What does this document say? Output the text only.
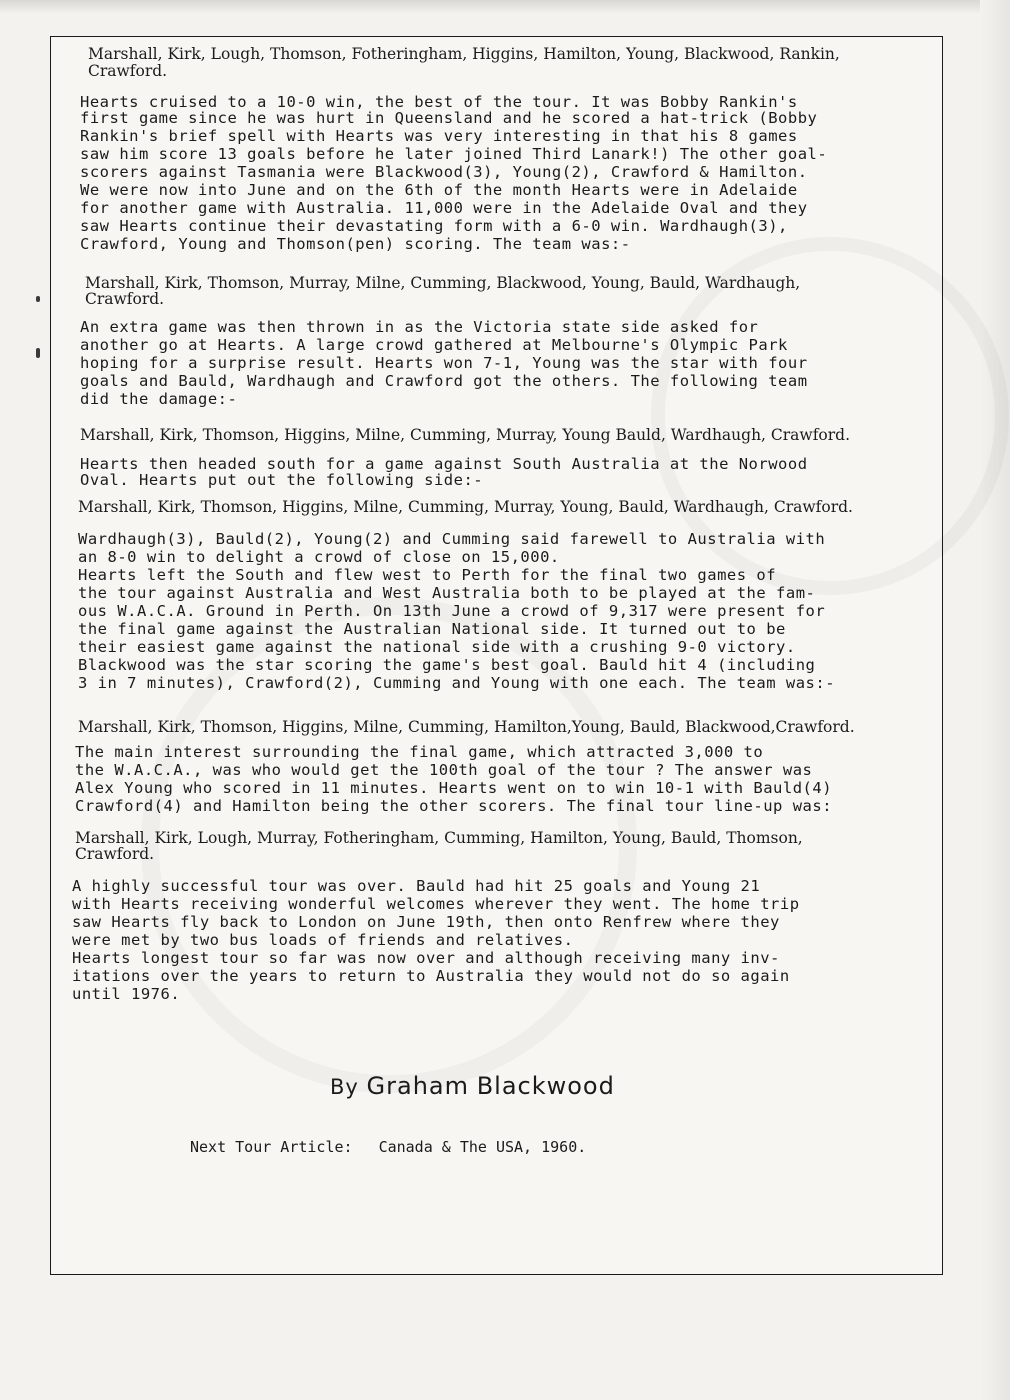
Marshall, Kirk, Lough, Thomson, Fotheringham, Higgins, Hamilton, Young, Blackwood, Rankin,
Crawford.
Hearts cruised to a 10-0 win, the best of the tour. It was Bobby Rankin's
first game since he was hurt in Queensland and he scored a hat-trick (Bobby
Rankin's brief spell with Hearts was very interesting in that his 8 games
saw him score 13 goals before he later joined Third Lanark!) The other goal-
scorers against Tasmania were Blackwood(3), Young(2), Crawford & Hamilton.
We were now into June and on the 6th of the month Hearts were in Adelaide
for another game with Australia. 11,000 were in the Adelaide Oval and they
saw Hearts continue their devastating form with a 6-0 win. Wardhaugh(3),
Crawford, Young and Thomson(pen) scoring. The team was:-
Marshall, Kirk, Thomson, Murray, Milne, Cumming, Blackwood, Young, Bauld, Wardhaugh,
Crawford.
An extra game was then thrown in as the Victoria state side asked for
another go at Hearts. A large crowd gathered at Melbourne's Olympic Park
hoping for a surprise result. Hearts won 7-1, Young was the star with four
goals and Bauld, Wardhaugh and Crawford got the others. The following team
did the damage:-
Marshall, Kirk, Thomson, Higgins, Milne, Cumming, Murray, Young Bauld, Wardhaugh, Crawford.
Hearts then headed south for a game against South Australia at the Norwood
Oval. Hearts put out the following side:-
Marshall, Kirk, Thomson, Higgins, Milne, Cumming, Murray, Young, Bauld, Wardhaugh, Crawford.
Wardhaugh(3), Bauld(2), Young(2) and Cumming said farewell to Australia with
an 8-0 win to delight a crowd of close on 15,000.
Hearts left the South and flew west to Perth for the final two games of
the tour against Australia and West Australia both to be played at the fam-
ous W.A.C.A. Ground in Perth. On 13th June a crowd of 9,317 were present for
the final game against the Australian National side. It turned out to be
their easiest game against the national side with a crushing 9-0 victory.
Blackwood was the star scoring the game's best goal. Bauld hit 4 (including
3 in 7 minutes), Crawford(2), Cumming and Young with one each. The team was:-
Marshall, Kirk, Thomson, Higgins, Milne, Cumming, Hamilton,Young, Bauld, Blackwood,Crawford.
The main interest surrounding the final game, which attracted 3,000 to
the W.A.C.A., was who would get the 100th goal of the tour ? The answer was
Alex Young who scored in 11 minutes. Hearts went on to win 10-1 with Bauld(4)
Crawford(4) and Hamilton being the other scorers. The final tour line-up was:
Marshall, Kirk, Lough, Murray, Fotheringham, Cumming, Hamilton, Young, Bauld, Thomson,
Crawford.
A highly successful tour was over. Bauld had hit 25 goals and Young 21
with Hearts receiving wonderful welcomes wherever they went. The home trip
saw Hearts fly back to London on June 19th, then onto Renfrew where they
were met by two bus loads of friends and relatives.
Hearts longest tour so far was now over and although receiving many inv-
itations over the years to return to Australia they would not do so again
until 1976.
By Graham Blackwood
Next Tour Article: Canada & The USA, 1960.
